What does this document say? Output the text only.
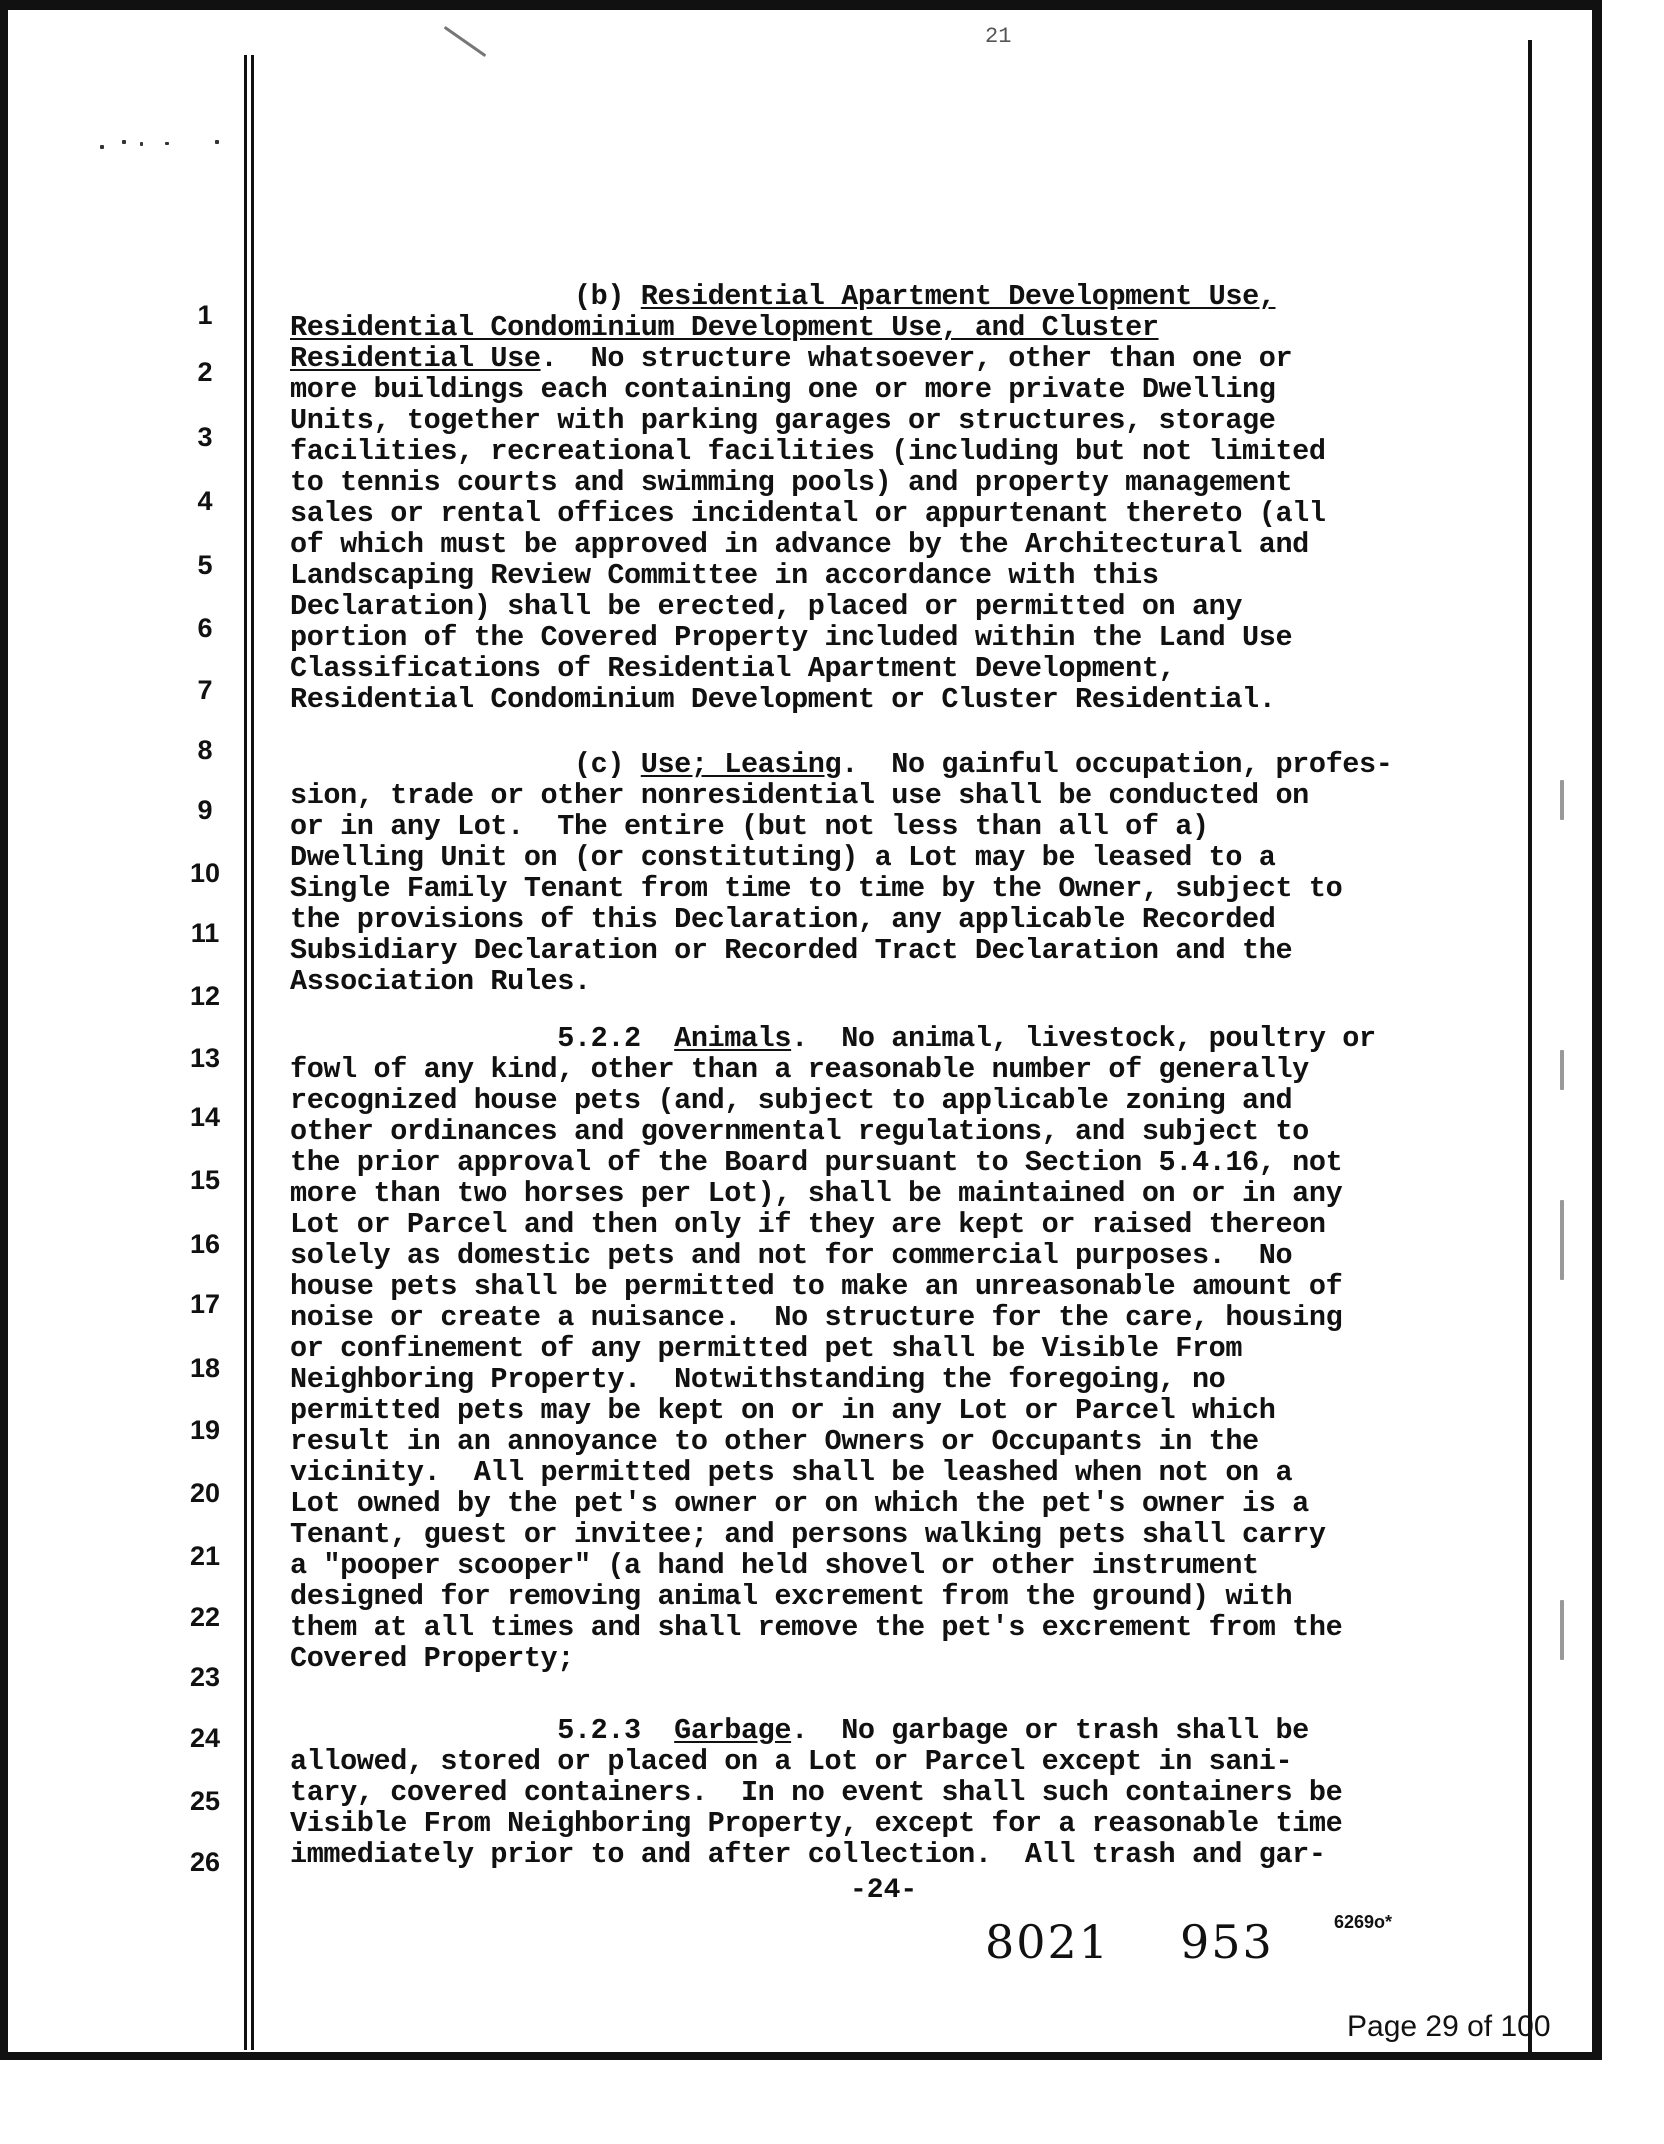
21
1
2
3
4
5
6
7
8
9
10
11
12
13
14
15
16
17
18
19
20
21
22
23
24
25
26
(b) Residential Apartment Development Use,
Residential Condominium Development Use, and Cluster
Residential Use.  No structure whatsoever, other than one or
more buildings each containing one or more private Dwelling
Units, together with parking garages or structures, storage
facilities, recreational facilities (including but not limited
to tennis courts and swimming pools) and property management
sales or rental offices incidental or appurtenant thereto (all
of which must be approved in advance by the Architectural and
Landscaping Review Committee in accordance with this
Declaration) shall be erected, placed or permitted on any
portion of the Covered Property included within the Land Use
Classifications of Residential Apartment Development,
Residential Condominium Development or Cluster Residential.
(c) Use; Leasing.  No gainful occupation, profes-
sion, trade or other nonresidential use shall be conducted on
or in any Lot.  The entire (but not less than all of a)
Dwelling Unit on (or constituting) a Lot may be leased to a
Single Family Tenant from time to time by the Owner, subject to
the provisions of this Declaration, any applicable Recorded
Subsidiary Declaration or Recorded Tract Declaration and the
Association Rules.
5.2.2  Animals.  No animal, livestock, poultry or
fowl of any kind, other than a reasonable number of generally
recognized house pets (and, subject to applicable zoning and
other ordinances and governmental regulations, and subject to
the prior approval of the Board pursuant to Section 5.4.16, not
more than two horses per Lot), shall be maintained on or in any
Lot or Parcel and then only if they are kept or raised thereon
solely as domestic pets and not for commercial purposes.  No
house pets shall be permitted to make an unreasonable amount of
noise or create a nuisance.  No structure for the care, housing
or confinement of any permitted pet shall be Visible From
Neighboring Property.  Notwithstanding the foregoing, no
permitted pets may be kept on or in any Lot or Parcel which
result in an annoyance to other Owners or Occupants in the
vicinity.  All permitted pets shall be leashed when not on a
Lot owned by the pet's owner or on which the pet's owner is a
Tenant, guest or invitee; and persons walking pets shall carry
a "pooper scooper" (a hand held shovel or other instrument
designed for removing animal excrement from the ground) with
them at all times and shall remove the pet's excrement from the
Covered Property;
5.2.3  Garbage.  No garbage or trash shall be
allowed, stored or placed on a Lot or Parcel except in sani-
tary, covered containers.  In no event shall such containers be
Visible From Neighboring Property, except for a reasonable time
immediately prior to and after collection.  All trash and gar-
-24-
8021 953	6269o*
Page 29 of 100
